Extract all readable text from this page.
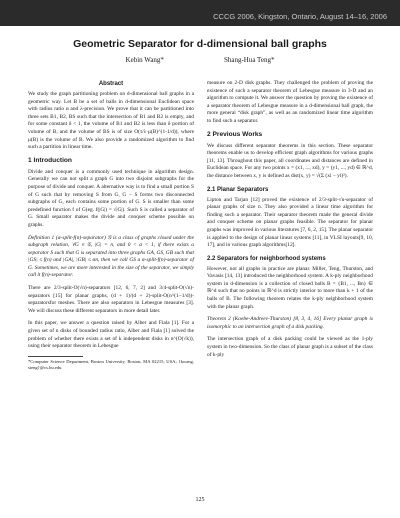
CCCG 2006, Kingston, Ontario, August 14–16, 2006
Geometric Separator for d-dimensional ball graphs
Kebin Wang*	Shang-Hua Teng*
Abstract

We study the graph partitioning problem on d-dimensional ball graphs in a geometric way. Let B be a set of balls in d-dimensional Euclidean space with radius ratio α and λ-precision. We prove that it can be partitioned into three sets B1, B2, BS such that the intersection of B1 and B2 is empty, and for some constant δ < 1, the volume of B1 and B2 is less than δ portion of volume of B, and the volume of BS is of size O(τ/λ·μ(B)^(1-1/d)), where μ(B) is the volume of B. We also provide a randomized algorithm to find such a partition in linear time.

1 Introduction

Divide and conquer is a commonly used technique in algorithm design. Generally we can not split a graph G into two disjoint subgraphs for the purpose of divide and conquer. A alternative way is to find a small portion S of G such that by removing S from G, G − S forms two disconnected subgraphs of G, each contains some portion of G. S is smaller than some predefined function f of G(eg. f(|G|) = √|G|). Such S is called a separator of G. Small separator makes the divide and conquer scheme possible on graphs.

Definition 1 (α-split-f(n)-separator) 𝒢 is a class of graphs closed under the subgraph relation, ∀G ∈ 𝒢, |G| = n, and 0 < α < 1, if there exists a separator S such that G is separated into three graphs GA, GS, GB such that |GS| ≤ f(n) and |GA|, |GB| ≤ αn, then we call GS a α-split-f(n)-separator of G. Sometimes, we are more interested in the size of the separator, we simply call it f(n)-separator.

There are 2/3-split-O(√n)-separators [12, 6, 7, 2] and 3/4-split-O(√n)-separators [15] for planar graphs, (d + 1)/(d + 2)-split-O(n^(1−1/d))-separatorsfor meshes. There are also separators in Lebesgue measures [3]. We will discuss these different separators in more detail later.

In this paper, we answer a question raised by Alber and Fiala [1]. For a given set of n disks of bounded radius ratio, Alber and Fiala [1] solved the problem of whether there exists a set of k independent disks in n^(O(√k)), using their separator theorem in Lebesgue

*Computer Science Department, Boston University, Boston, MA 02215, USA; {kwang, steng}@cs.bu.edu

measure on 2-D disk graphs. They challenged the problem of proving the existence of such a separator theorem of Lebesgue measure in 3-D and an algorithm to compute it. We answer the question by proving the existence of a separator theorem of Lebesgue measure in a d-dimensional ball graph, the more general “disk graph”, as well as an randomized linear time algorithm to find such a separator.

2 Previous Works

We discuss different separator theorems in this section. These separator theorems enable us to develop efficient graph algorithms for various graphs [11, 13]. Throughout this paper, all coordinates and distances are defined in Euclidean space. For any two points x = (x1, ..., xd), y = (y1, ..., yd) ∈ ℝ^d, the distance between x, y is defined as dist(x, y) = √(Σ (xi − yi)²).

2.1 Planar Separators

Lipton and Tarjan [12] proved the existence of 2/3-split-√n-separator of planar graphs of size n. They also provided a linear time algorithm for finding such a separator. Their separator theorem made the general divide and conquer scheme on planar graphs feasible. The separator for planar graphs was improved in various literatures [7, 6, 2, 15]. The planar separator is applied to the design of planar linear systems [11], in VLSI layouts[9, 10, 17], and in various graph algorithms[12].

2.2 Separators for neighborhood systems

However, not all graphs in practice are planar. Miller, Teng, Thurston, and Vavasis [14, 13] introduced the neighborhood system. A k-ply neighborhood system in d-dimension is a collection of closed balls B = {B1, ..., Bn} ∈ ℝ^d such that no points in ℝ^d is strictly interior to more than k + 1 of the balls of B. The following theorem relates the k-ply neighborhood system with the planar graph.

Theorem 2 (Koebe-Andreev-Thurston) [8, 3, 4, 16] Every planar graph is isomorphic to an intersection graph of a disk packing.

The intersection graph of a disk packing could be viewed as the 1-ply system in two-dimension. So the class of planar graph is a subset of the class of k-ply

125
